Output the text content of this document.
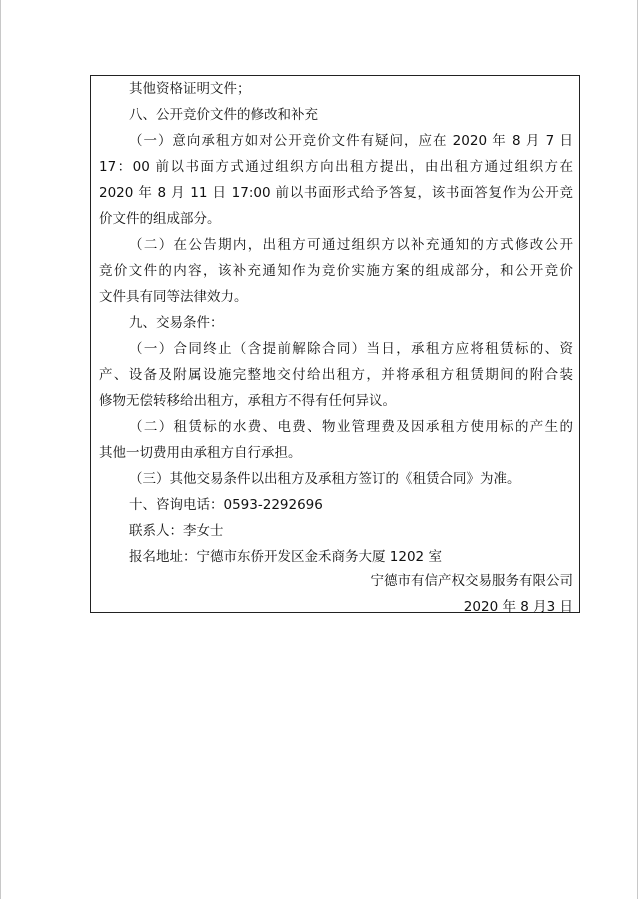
其他资格证明文件；
八、公开竞价文件的修改和补充
（一）意向承租方如对公开竞价文件有疑问，应在 2020 年 8 月 7 日
17：00 前以书面方式通过组织方向出租方提出，由出租方通过组织方在
2020 年 8 月 11 日 17:00 前以书面形式给予答复，该书面答复作为公开竞
价文件的组成部分。
（二）在公告期内，出租方可通过组织方以补充通知的方式修改公开
竞价文件的内容，该补充通知作为竞价实施方案的组成部分，和公开竞价
文件具有同等法律效力。
九、交易条件：
（一）合同终止（含提前解除合同）当日，承租方应将租赁标的、资
产、设备及附属设施完整地交付给出租方，并将承租方租赁期间的附合装
修物无偿转移给出租方，承租方不得有任何异议。
（二）租赁标的水费、电费、物业管理费及因承租方使用标的产生的
其他一切费用由承租方自行承担。
（三）其他交易条件以出租方及承租方签订的《租赁合同》为准。
十、咨询电话：0593-2292696
联系人：李女士
报名地址：宁德市东侨开发区金禾商务大厦 1202 室
宁德市有信产权交易服务有限公司
2020 年 8 月3 日
